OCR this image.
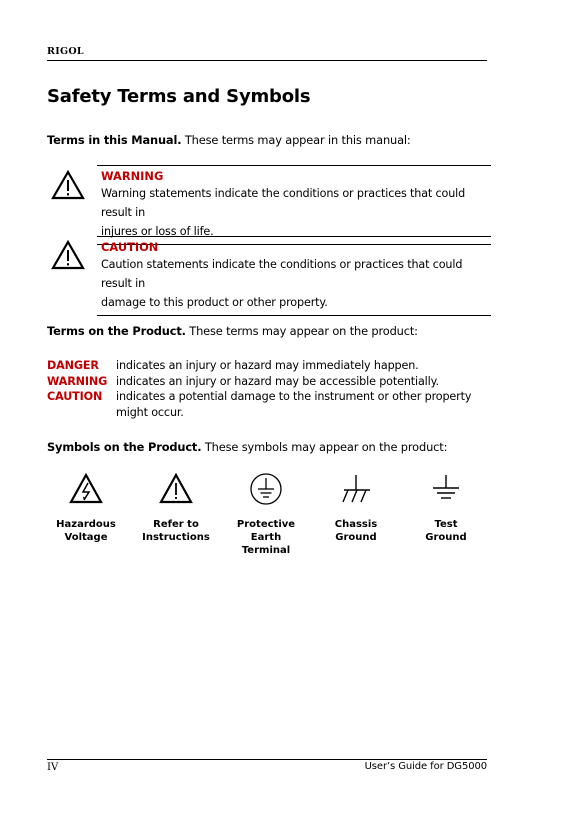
RIGOL
Safety Terms and Symbols

Terms in this Manual. These terms may appear in this manual:

WARNING
Warning statements indicate the conditions or practices that could result in
injures or loss of life.
CAUTION
Caution statements indicate the conditions or practices that could result in
damage to this product or other property.

Terms on the Product. These terms may appear on the product:

DANGER	indicates an injury or hazard may immediately happen.
WARNING indicates an injury or hazard may be accessible potentially.
CAUTION	indicates a potential damage to the instrument or other property might occur.

Symbols on the Product. These symbols may appear on the product:

Hazardous
Voltage
Refer to
Instructions
Protective
Earth
Terminal
Chassis
Ground
Test
Ground
IV	User’s Guide for DG5000
